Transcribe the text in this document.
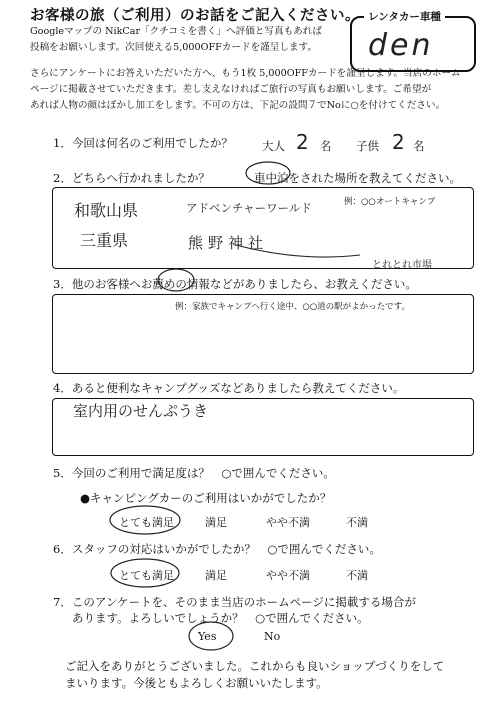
お客様の旅（ご利用）のお話をご記入ください。
Googleマップの NikCar「クチコミを書く」へ評価と写真もあれば
投稿をお願いします。次回使える5,000OFFカードを謹呈します。
さらにアンケートにお答えいただいた方へ、もう1枚 5,000OFFカードを謹呈します。当店のホーム
ページに掲載させていただきます。差し支えなければご旅行の写真もお願いします。ご希望が
あれば人物の顔はぼかし加工をします。不可の方は、下記の設問７でNoに○を付けてください。
レンタカー車種
den
1．今回は何名のご利用でしたか？	大人 2 名 子供 2 名
2．どちらへ行かれましたか？	車中泊をされた場所を教えてください。
例：○○オートキャンプ
和歌山県	アドベンチャーワールド
三重県	熊野神社
とれとれ市場
3．他のお客様へお薦めの情報などがありましたら、お教えください。
例：家族でキャンプへ行く途中、○○道の駅がよかったです。
4．あると便利なキャンプグッズなどありましたら教えてください。
室内用のせんぷうき
5．今回のご利用で満足度は？　○で囲んでください。
●キャンピングカーのご利用はいかがでしたか？
とても満足	満足	やや不満	不満
6．スタッフの対応はいかがでしたか？　○で囲んでください。
とても満足	満足	やや不満	不満
7．このアンケートを、そのまま当店のホームページに掲載する場合が
あります。よろしいでしょうか？　○で囲んでください。
Yes	No
ご記入をありがとうございました。これからも良いショップづくりをして
まいります。今後ともよろしくお願いいたします。
